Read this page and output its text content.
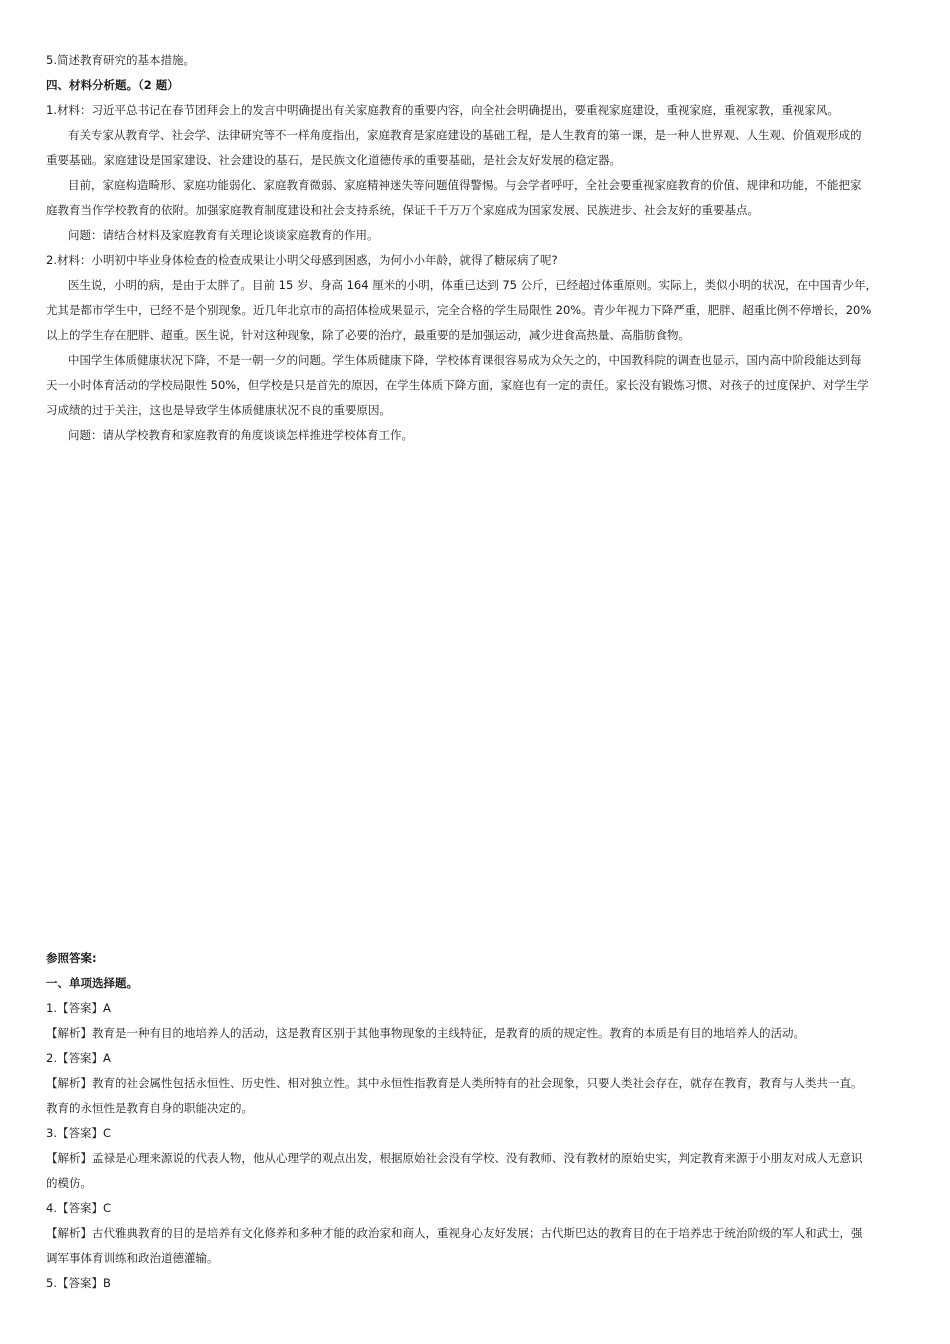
5.简述教育研究的基本措施。
四、材料分析题。（2 题）
1.材料：习近平总书记在春节团拜会上的发言中明确提出有关家庭教育的重要内容，向全社会明确提出，要重视家庭建设，重视家庭，重视家教，重视家风。
有关专家从教育学、社会学、法律研究等不一样角度指出，家庭教育是家庭建设的基础工程，是人生教育的第一课，是一种人世界观、人生观、价值观形成的
重要基础。家庭建设是国家建设、社会建设的基石，是民族文化道德传承的重要基础，是社会友好发展的稳定器。
目前，家庭构造畸形、家庭功能弱化、家庭教育微弱、家庭精神迷失等问题值得警惕。与会学者呼吁，全社会要重视家庭教育的价值、规律和功能，不能把家
庭教育当作学校教育的依附。加强家庭教育制度建设和社会支持系统，保证千千万万个家庭成为国家发展、民族进步、社会友好的重要基点。
问题：请结合材料及家庭教育有关理论谈谈家庭教育的作用。
2.材料：小明初中毕业身体检查的检查成果让小明父母感到困惑，为何小小年龄，就得了糖尿病了呢?
医生说，小明的病，是由于太胖了。目前 15 岁、身高 164 厘米的小明，体重已达到 75 公斤，已经超过体重原则。实际上，类似小明的状况，在中国青少年，
尤其是都市学生中，已经不是个别现象。近几年北京市的高招体检成果显示，完全合格的学生局限性 20%。青少年视力下降严重，肥胖、超重比例不停增长，20%
以上的学生存在肥胖、超重。医生说，针对这种现象，除了必要的治疗，最重要的是加强运动，减少进食高热量、高脂肪食物。
中国学生体质健康状况下降，不是一朝一夕的问题。学生体质健康下降，学校体育课很容易成为众矢之的，中国教科院的调查也显示，国内高中阶段能达到每
天一小时体育活动的学校局限性 50%，但学校是只是首先的原因，在学生体质下降方面，家庭也有一定的责任。家长没有锻炼习惯、对孩子的过度保护、对学生学
习成绩的过于关注，这也是导致学生体质健康状况不良的重要原因。
问题：请从学校教育和家庭教育的角度谈谈怎样推进学校体育工作。
参照答案:
一、单项选择题。
1.【答案】A
【解析】教育是一种有目的地培养人的活动，这是教育区别于其他事物现象的主线特征，是教育的质的规定性。教育的本质是有目的地培养人的活动。
2.【答案】A
【解析】教育的社会属性包括永恒性、历史性、相对独立性。其中永恒性指教育是人类所特有的社会现象，只要人类社会存在，就存在教育，教育与人类共一直。
教育的永恒性是教育自身的职能决定的。
3.【答案】C
【解析】孟禄是心理来源说的代表人物，他从心理学的观点出发，根据原始社会没有学校、没有教师、没有教材的原始史实，判定教育来源于小朋友对成人无意识
的模仿。
4.【答案】C
【解析】古代雅典教育的目的是培养有文化修养和多种才能的政治家和商人，重视身心友好发展；古代斯巴达的教育目的在于培养忠于统治阶级的军人和武士，强
调军事体育训练和政治道德灌输。
5.【答案】B
